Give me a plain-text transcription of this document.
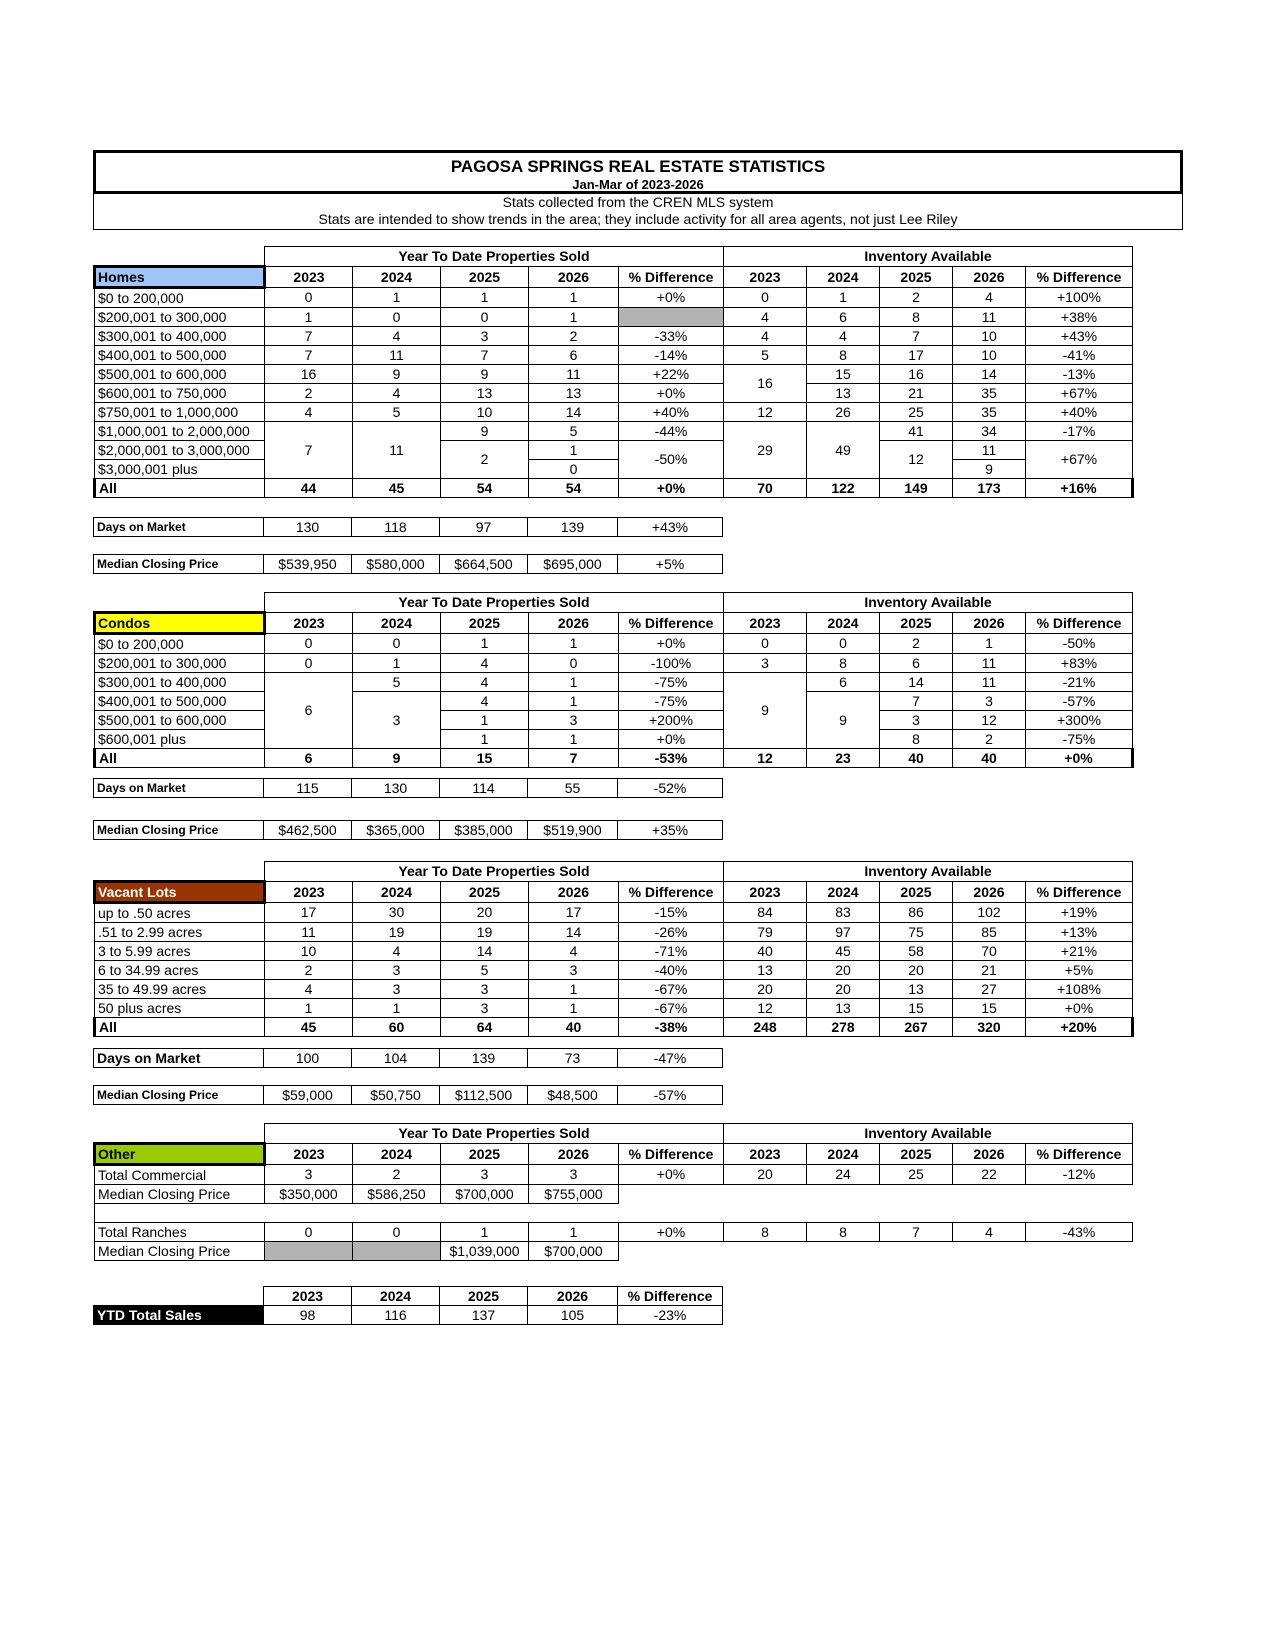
PAGOSA SPRINGS REAL ESTATE STATISTICS
Jan-Mar of 2023-2026
Stats collected from the CREN MLS system
Stats are intended to show trends in the area; they include activity for all area agents, not just Lee Riley
	Year To Date Properties Sold					Inventory Available				
Homes	2023	2024	2025	2026	% Difference	2023	2024	2025	2026	% Difference
$0 to 200,000	0	1	1	1	+0%	0	1	2	4	+100%
$200,001 to 300,000	1	0	0	1		4	6	8	11	+38%
$300,001 to 400,000	7	4	3	2	-33%	4	4	7	10	+43%
$400,001 to 500,000	7	11	7	6	-14%	5	8	17	10	-41%
$500,001 to 600,000	16	9	9	11	+22%	16	15	16	14	-13%
$600,001 to 750,000	2	4	13	13	+0%		13	21	35	+67%
$750,001 to 1,000,000	4	5	10	14	+40%	12	26	25	35	+40%
$1,000,001 to 2,000,000	7	11	9	5	-44%	29	49	41	34	-17%
$2,000,001 to 3,000,000			2	1	-50%			12	11	+67%
$3,000,001 plus				0					9	
All	44	45	54	54	+0%	70	122	149	173	+16%
Days on Market	130	118	97	139	+43%
Median Closing Price	$539,950	$580,000	$664,500	$695,000	+5%
	Year To Date Properties Sold					Inventory Available				
Condos	2023	2024	2025	2026	% Difference	2023	2024	2025	2026	% Difference
$0 to 200,000	0	0	1	1	+0%	0	0	2	1	-50%
$200,001 to 300,000	0	1	4	0	-100%	3	8	6	11	+83%
$300,001 to 400,000	6	5	4	1	-75%	9	6	14	11	-21%
$400,001 to 500,000		3	4	1	-75%		9	7	3	-57%
$500,001 to 600,000			1	3	+200%			3	12	+300%
$600,001 plus			1	1	+0%			8	2	-75%
All	6	9	15	7	-53%	12	23	40	40	+0%
Days on Market	115	130	114	55	-52%
Median Closing Price	$462,500	$365,000	$385,000	$519,900	+35%
	Year To Date Properties Sold					Inventory Available				
Vacant Lots	2023	2024	2025	2026	% Difference	2023	2024	2025	2026	% Difference
up to .50 acres	17	30	20	17	-15%	84	83	86	102	+19%
.51 to 2.99 acres	11	19	19	14	-26%	79	97	75	85	+13%
3 to 5.99 acres	10	4	14	4	-71%	40	45	58	70	+21%
6 to 34.99 acres	2	3	5	3	-40%	13	20	20	21	+5%
35 to 49.99 acres	4	3	3	1	-67%	20	20	13	27	+108%
50 plus acres	1	1	3	1	-67%	12	13	15	15	+0%
All	45	60	64	40	-38%	248	278	267	320	+20%
Days on Market	100	104	139	73	-47%
Median Closing Price	$59,000	$50,750	$112,500	$48,500	-57%
	Year To Date Properties Sold					Inventory Available				
Other	2023	2024	2025	2026	% Difference	2023	2024	2025	2026	% Difference
Total Commercial	3	2	3	3	+0%	20	24	25	22	-12%
Median Closing Price	$350,000	$586,250	$700,000	$755,000						

Total Ranches	0	0	1	1	+0%	8	8	7	4	-43%
Median Closing Price			$1,039,000	$700,000						
	2023	2024	2025	2026	% Difference
YTD Total Sales	98	116	137	105	-23%
